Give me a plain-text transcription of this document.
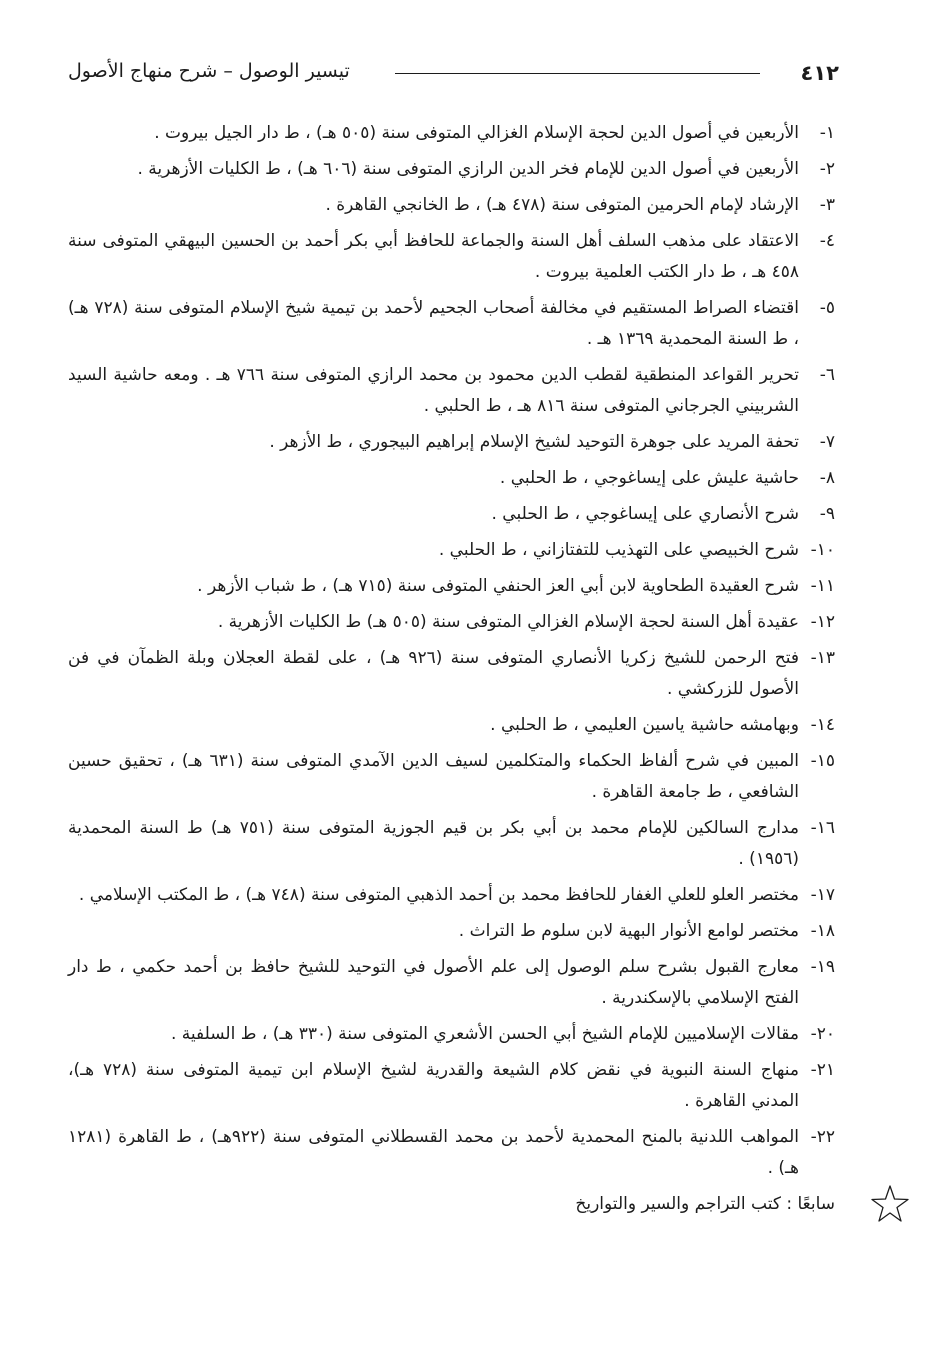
٤١٢
تيسير الوصول – شرح منهاج الأصول
١-الأربعين في أصول الدين لحجة الإسلام الغزالي المتوفى سنة (٥٠٥ هـ) ، ط دار الجيل بيروت .
٢-الأربعين في أصول الدين للإمام فخر الدين الرازي المتوفى سنة (٦٠٦ هـ) ، ط الكليات الأزهرية .
٣-الإرشاد لإمام الحرمين المتوفى سنة (٤٧٨ هـ) ، ط الخانجي القاهرة .
٤-الاعتقاد على مذهب السلف أهل السنة والجماعة للحافظ أبي بكر أحمد بن الحسين البيهقي المتوفى سنة ٤٥٨ هـ ، ط دار الكتب العلمية بيروت .
٥-اقتضاء الصراط المستقيم في مخالفة أصحاب الجحيم لأحمد بن تيمية شيخ الإسلام المتوفى سنة (٧٢٨ هـ) ، ط السنة المحمدية ١٣٦٩ هـ .
٦-تحرير القواعد المنطقية لقطب الدين محمود بن محمد الرازي المتوفى سنة ٧٦٦ هـ . ومعه حاشية السيد الشربيني الجرجاني المتوفى سنة ٨١٦ هـ ، ط الحلبي .
٧-تحفة المريد على جوهرة التوحيد لشيخ الإسلام إبراهيم البيجوري ، ط الأزهر .
٨-حاشية عليش على إيساغوجي ، ط الحلبي .
٩-شرح الأنصاري على إيساغوجي ، ط الحلبي .
١٠-شرح الخبيصي على التهذيب للتفتازاني ، ط الحلبي .
١١-شرح العقيدة الطحاوية لابن أبي العز الحنفي المتوفى سنة (٧١٥ هـ) ، ط شباب الأزهر .
١٢-عقيدة أهل السنة لحجة الإسلام الغزالي المتوفى سنة (٥٠٥ هـ) ط الكليات الأزهرية .
١٣-فتح الرحمن للشيخ زكريا الأنصاري المتوفى سنة (٩٢٦ هـ) ، على لقطة العجلان وبلة الظمآن في فن الأصول للزركشي .
١٤-وبهامشه حاشية ياسين العليمي ، ط الحلبي .
١٥-المبين في شرح ألفاظ الحكماء والمتكلمين لسيف الدين الآمدي المتوفى سنة (٦٣١ هـ) ، تحقيق حسين الشافعي ، ط جامعة القاهرة .
١٦-مدارج السالكين للإمام محمد بن أبي بكر بن قيم الجوزية المتوفى سنة (٧٥١ هـ) ط السنة المحمدية (١٩٥٦) .
١٧-مختصر العلو للعلي الغفار للحافظ محمد بن أحمد الذهبي المتوفى سنة (٧٤٨ هـ) ، ط المكتب الإسلامي .
١٨-مختصر لوامع الأنوار البهية لابن سلوم ط التراث .
١٩-معارج القبول بشرح سلم الوصول إلى علم الأصول في التوحيد للشيخ حافظ بن أحمد حكمي ، ط دار الفتح الإسلامي بالإسكندرية .
٢٠-مقالات الإسلاميين للإمام الشيخ أبي الحسن الأشعري المتوفى سنة (٣٣٠ هـ) ، ط السلفية .
٢١-منهاج السنة النبوية في نقض كلام الشيعة والقدرية لشيخ الإسلام ابن تيمية المتوفى سنة (٧٢٨ هـ)، المدني القاهرة .
٢٢-المواهب اللدنية بالمنح المحمدية لأحمد بن محمد القسطلاني المتوفى سنة (٩٢٢هـ) ، ط القاهرة (١٢٨١ هـ) .
سابعًا : كتب التراجم والسير والتواريخ
